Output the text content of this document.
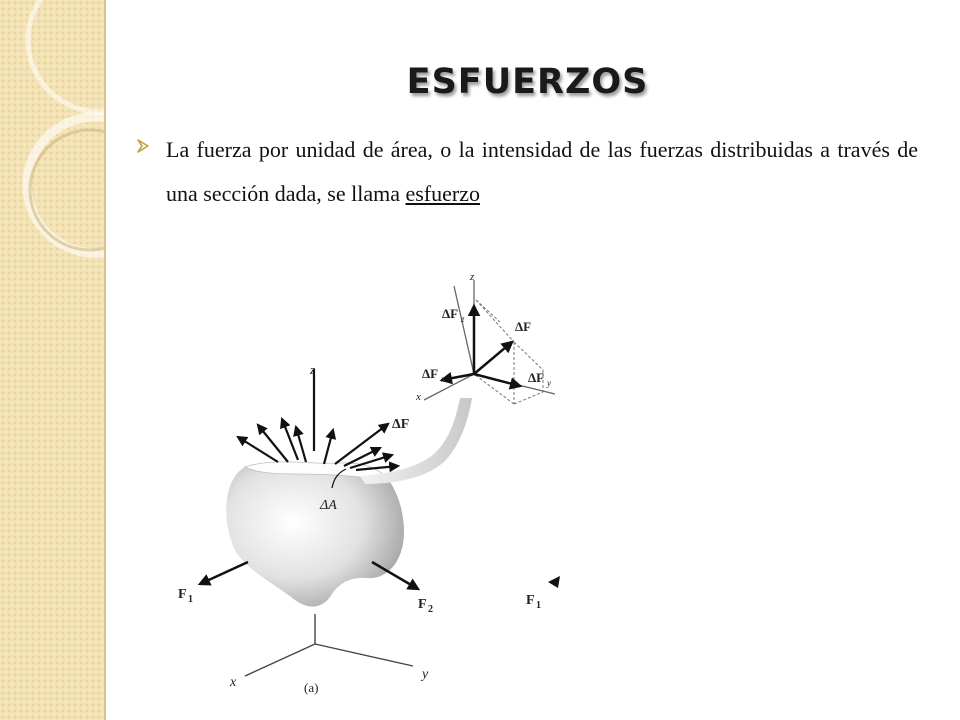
ESFUERZOS
La fuerza por unidad de área, o la intensidad de las fuerzas distribuidas a través de una sección dada, se llama esfuerzo
z
ΔF
ΔA
F 1	F 2
x
y
(a)
z
ΔF z	ΔF
ΔF x	ΔF y
x
F 1
